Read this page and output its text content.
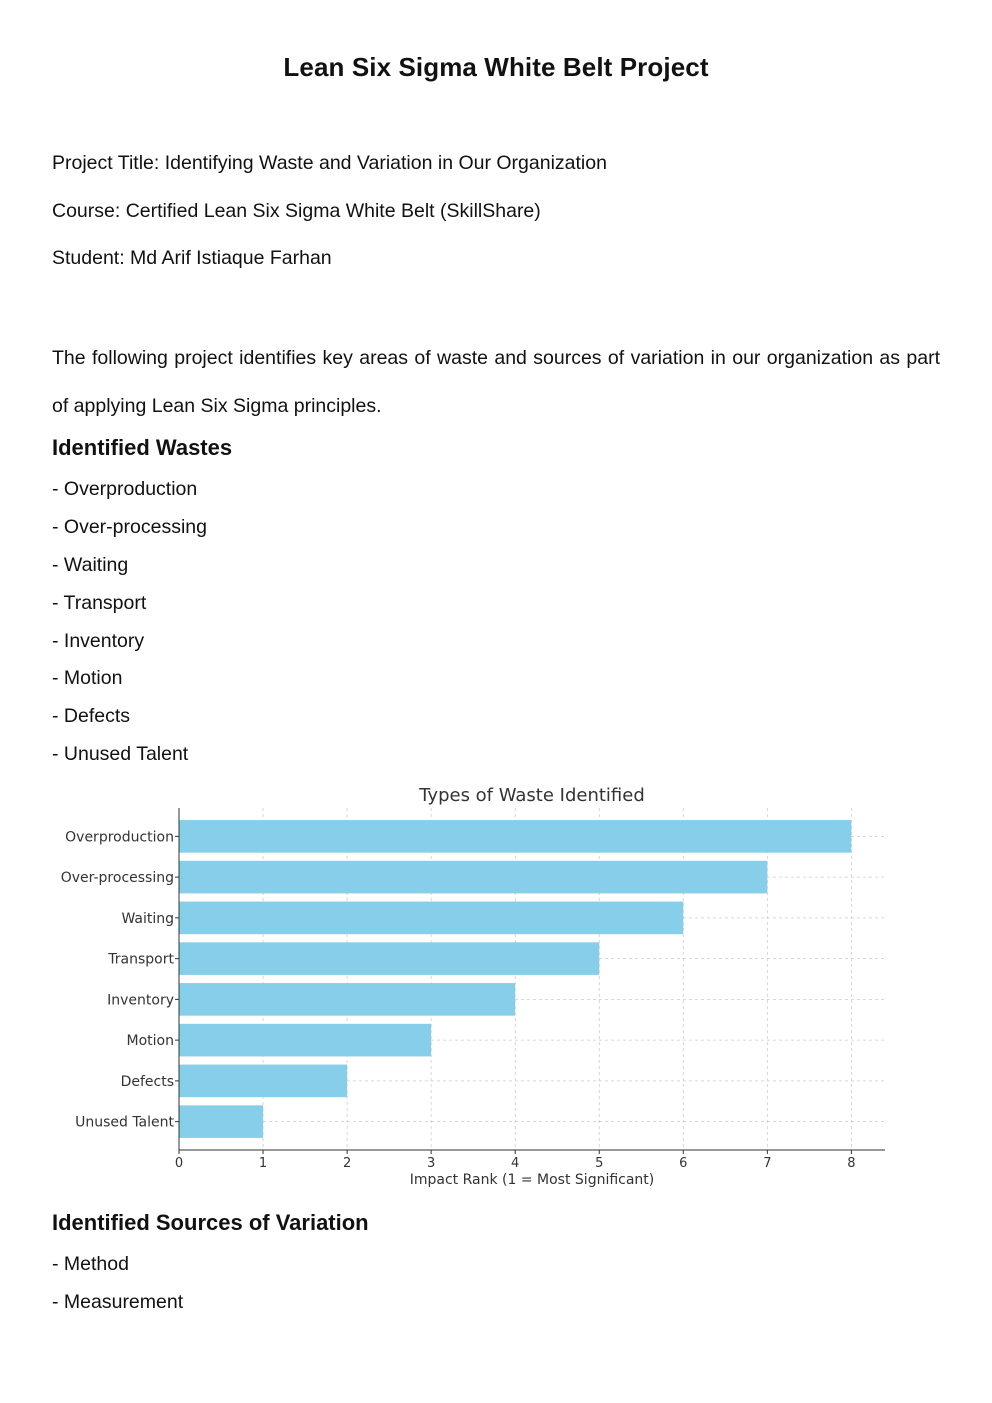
Lean Six Sigma White Belt Project
Project Title: Identifying Waste and Variation in Our Organization
Course: Certified Lean Six Sigma White Belt (SkillShare)
Student: Md Arif Istiaque Farhan
The following project identifies key areas of waste and sources of variation in our organization as part of applying Lean Six Sigma principles.
Identified Wastes
- Overproduction
- Over-processing
- Waiting
- Transport
- Inventory
- Motion
- Defects
- Unused Talent
Types of Waste Identified
Overproduction
Over-processing
Waiting
Transport
Inventory
Motion
Defects
Unused Talent
0	1	2	3	4	5	6	7	8
Impact Rank (1 = Most Significant)
Identified Sources of Variation
- Method
- Measurement
